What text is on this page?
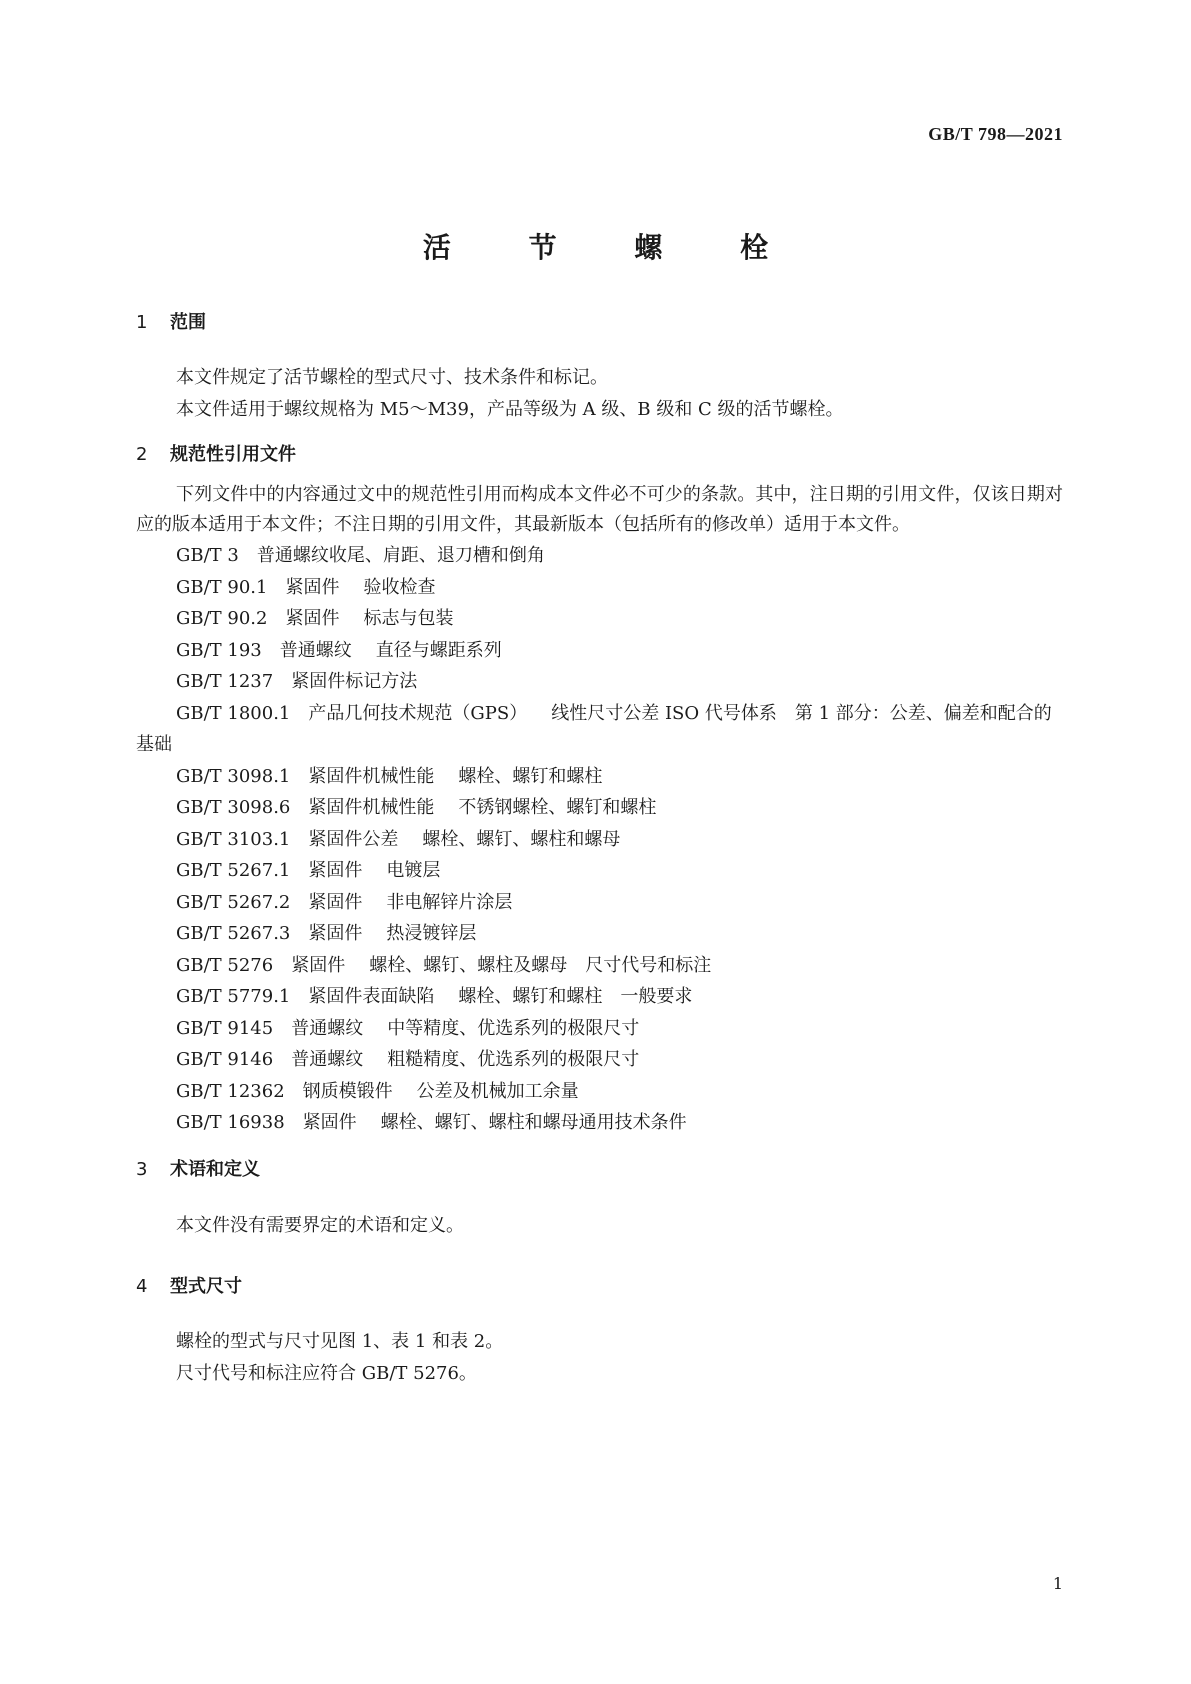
GB/T 798—2021
活 节 螺 栓
1 范围

本文件规定了活节螺栓的型式尺寸、技术条件和标记。

本文件适用于螺纹规格为 M5～M39，产品等级为 A 级、B 级和 C 级的活节螺栓。

2 规范性引用文件

下列文件中的内容通过文中的规范性引用而构成本文件必不可少的条款。其中，注日期的引用文件，仅该日期对应的版本适用于本文件；不注日期的引用文件，其最新版本（包括所有的修改单）适用于本文件。

GB/T 3 普通螺纹收尾、肩距、退刀槽和倒角
GB/T 90.1 紧固件 验收检查
GB/T 90.2 紧固件 标志与包装
GB/T 193 普通螺纹 直径与螺距系列
GB/T 1237 紧固件标记方法
GB/T 1800.1 产品几何技术规范（GPS） 线性尺寸公差 ISO 代号体系　第 1 部分：公差、偏差和配合的基础
GB/T 3098.1 紧固件机械性能 螺栓、螺钉和螺柱
GB/T 3098.6 紧固件机械性能 不锈钢螺栓、螺钉和螺柱
GB/T 3103.1 紧固件公差 螺栓、螺钉、螺柱和螺母
GB/T 5267.1 紧固件 电镀层
GB/T 5267.2 紧固件 非电解锌片涂层
GB/T 5267.3 紧固件 热浸镀锌层
GB/T 5276 紧固件 螺栓、螺钉、螺柱及螺母　尺寸代号和标注
GB/T 5779.1 紧固件表面缺陷 螺栓、螺钉和螺柱　一般要求
GB/T 9145 普通螺纹 中等精度、优选系列的极限尺寸
GB/T 9146 普通螺纹 粗糙精度、优选系列的极限尺寸
GB/T 12362 钢质模锻件 公差及机械加工余量
GB/T 16938 紧固件 螺栓、螺钉、螺柱和螺母通用技术条件
3 术语和定义

本文件没有需要界定的术语和定义。

4 型式尺寸

螺栓的型式与尺寸见图 1、表 1 和表 2。

尺寸代号和标注应符合 GB/T 5276。

1
